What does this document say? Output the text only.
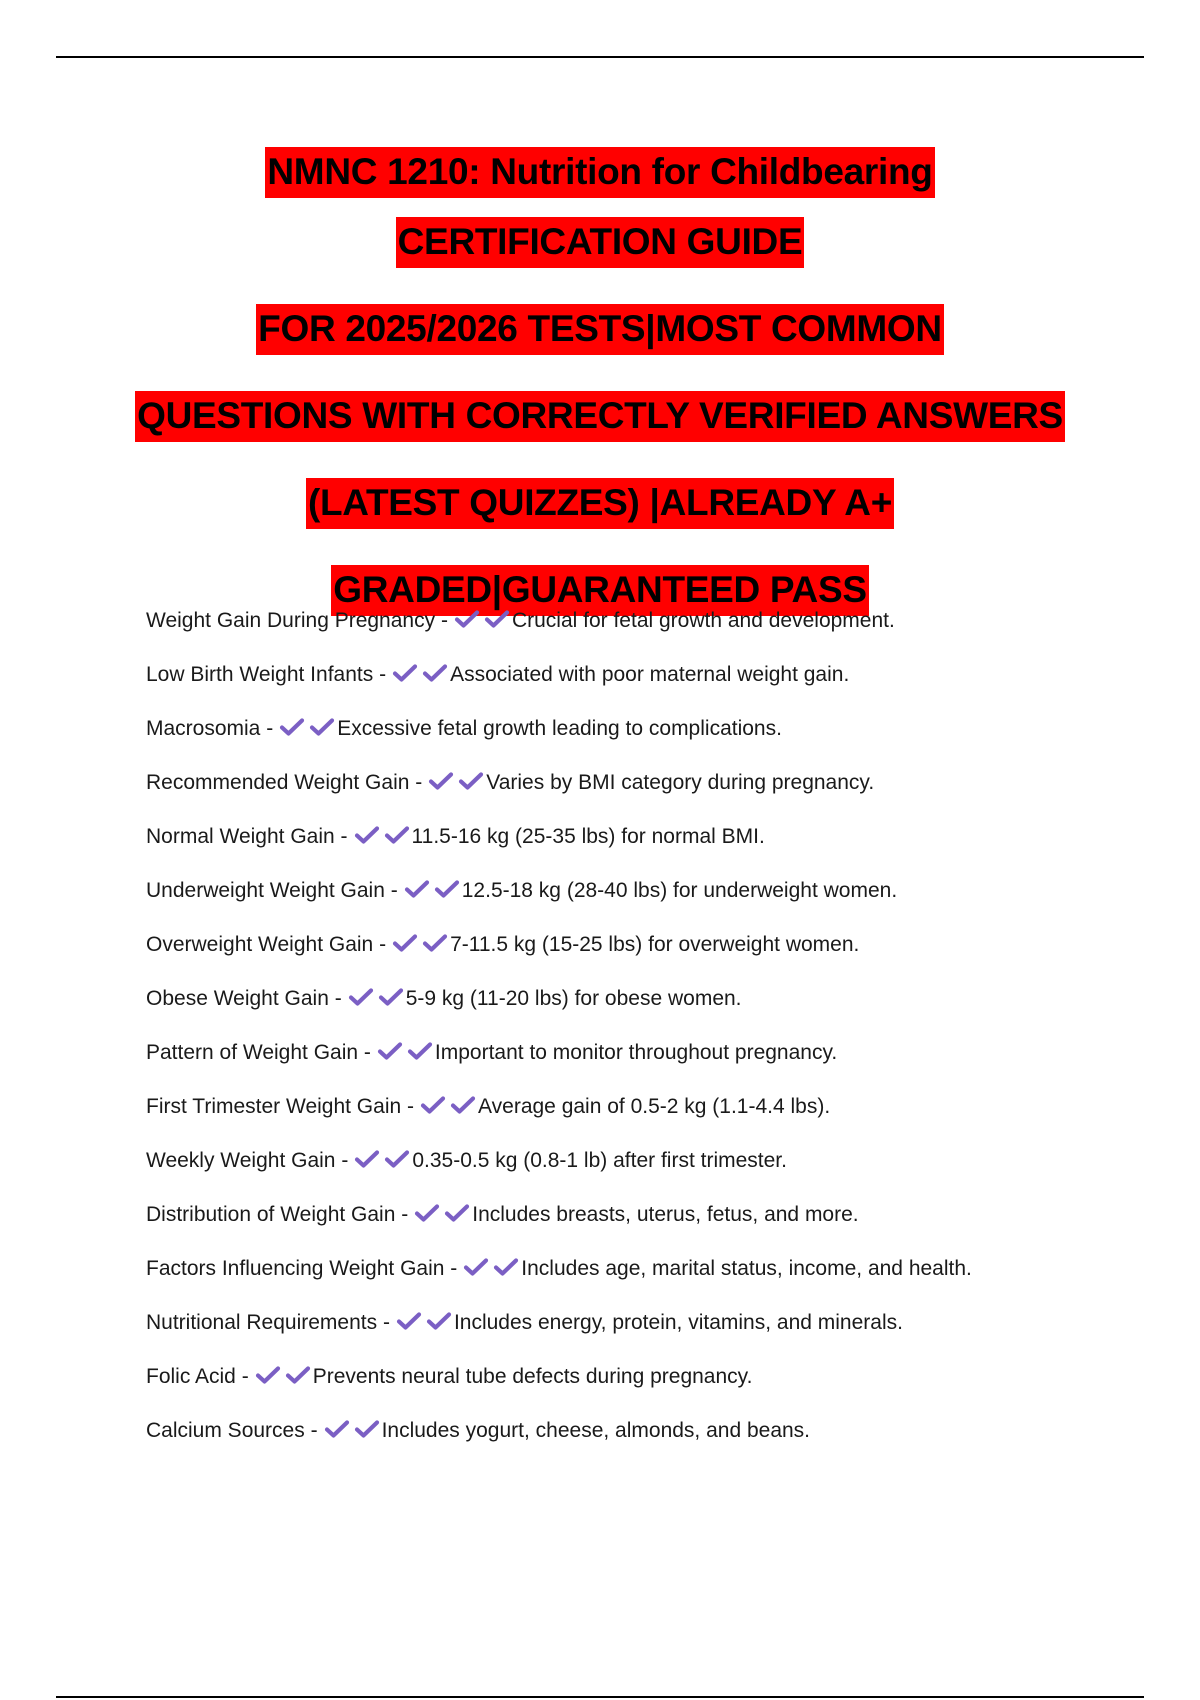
NMNC 1210: Nutrition for Childbearing

CERTIFICATION GUIDE

FOR 2025/2026 TESTS|MOST COMMON

QUESTIONS WITH CORRECTLY VERIFIED ANSWERS

(LATEST QUIZZES) |ALREADY A+

GRADED|GUARANTEED PASS

Weight Gain During Pregnancy -	Crucial for fetal growth and development.
Low Birth Weight Infants -	Associated with poor maternal weight gain.
Macrosomia -	Excessive fetal growth leading to complications.
Recommended Weight Gain -	Varies by BMI category during pregnancy.
Normal Weight Gain -	11.5-16 kg (25-35 lbs) for normal BMI.
Underweight Weight Gain -	12.5-18 kg (28-40 lbs) for underweight women.
Overweight Weight Gain -	7-11.5 kg (15-25 lbs) for overweight women.
Obese Weight Gain -	5-9 kg (11-20 lbs) for obese women.
Pattern of Weight Gain -	Important to monitor throughout pregnancy.
First Trimester Weight Gain -	Average gain of 0.5-2 kg (1.1-4.4 lbs).
Weekly Weight Gain -	0.35-0.5 kg (0.8-1 lb) after first trimester.
Distribution of Weight Gain -	Includes breasts, uterus, fetus, and more.
Factors Influencing Weight Gain -	Includes age, marital status, income, and health.
Nutritional Requirements -	Includes energy, protein, vitamins, and minerals.
Folic Acid -	Prevents neural tube defects during pregnancy.
Calcium Sources -	Includes yogurt, cheese, almonds, and beans.
